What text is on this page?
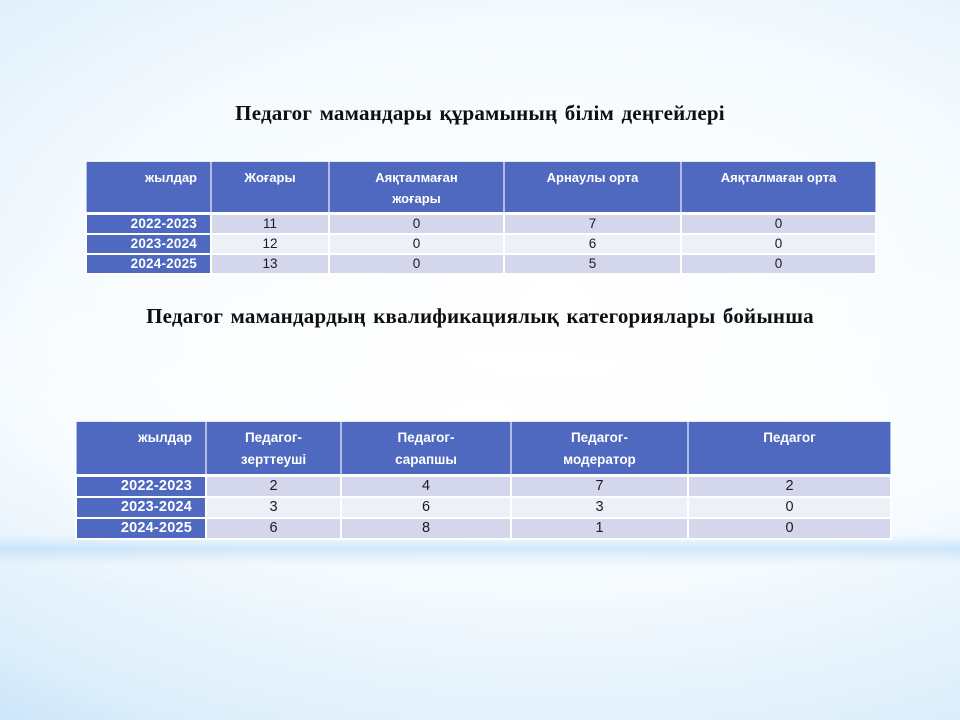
Педагог мамандары құрамының білім деңгейлері
жылдар	Жоғары	Аяқталмаған жоғары	Арнаулы орта	Аяқталмаған орта
2022-2023	11	0	7	0
2023-2024	12	0	6	0
2024-2025	13	0	5	0
Педагог мамандардың квалификациялық категориялары бойынша
жылдар	Педагог-зерттеуші	Педагог-сарапшы	Педагог-модератор	Педагог
2022-2023	2	4	7	2
2023-2024	3	6	3	0
2024-2025	6	8	1	0
